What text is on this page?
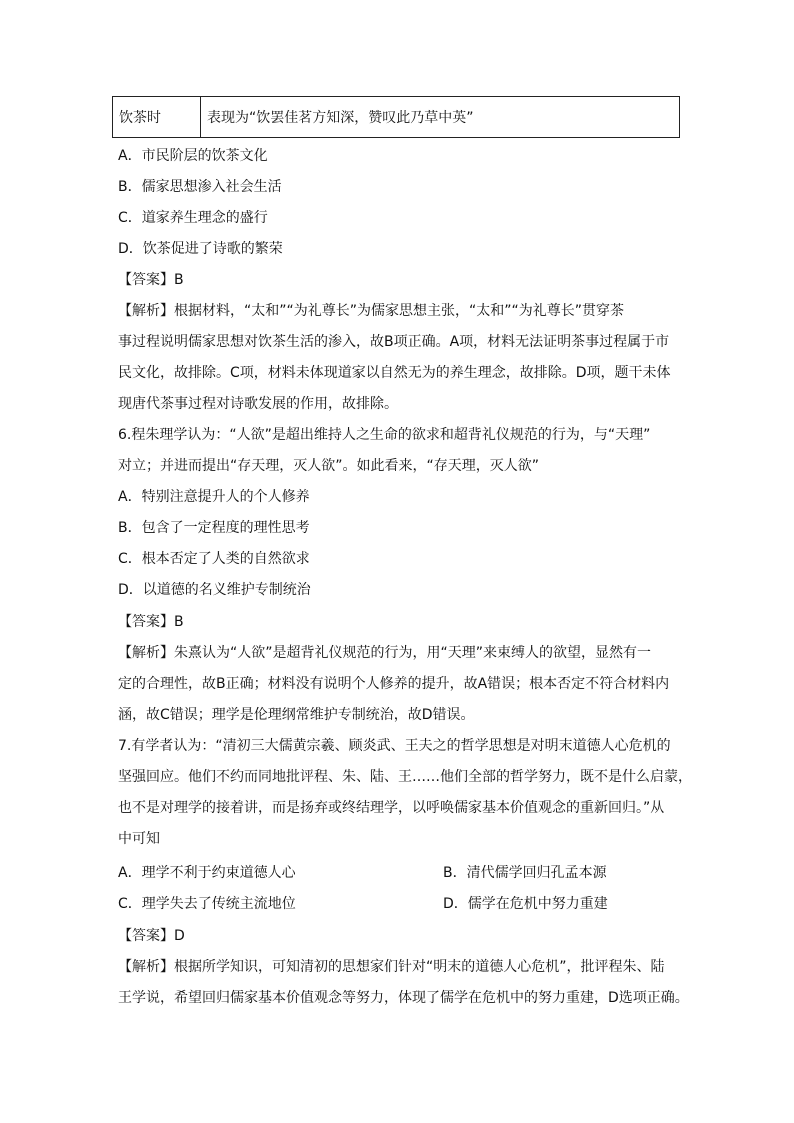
饮茶时	表现为“饮罢佳茗方知深，赞叹此乃草中英”
A．市民阶层的饮茶文化
B．儒家思想渗入社会生活
C．道家养生理念的盛行
D．饮茶促进了诗歌的繁荣
【答案】B
【解析】根据材料，“太和”“为礼尊长”为儒家思想主张，“太和”“为礼尊长”贯穿茶
事过程说明儒家思想对饮茶生活的渗入，故B项正确。A项，材料无法证明茶事过程属于市
民文化，故排除。C项，材料未体现道家以自然无为的养生理念，故排除。D项，题干未体
现唐代茶事过程对诗歌发展的作用，故排除。
6.程朱理学认为：“人欲”是超出维持人之生命的欲求和超背礼仪规范的行为，与“天理”
对立；并进而提出“存天理，灭人欲”。如此看来，“存天理，灭人欲”
A．特别注意提升人的个人修养
B．包含了一定程度的理性思考
C．根本否定了人类的自然欲求
D．以道德的名义维护专制统治
【答案】B
【解析】朱熹认为“人欲”是超背礼仪规范的行为，用“天理”来束缚人的欲望，显然有一
定的合理性，故B正确；材料没有说明个人修养的提升，故A错误；根本否定不符合材料内
涵，故C错误；理学是伦理纲常维护专制统治，故D错误。
7.有学者认为：“清初三大儒黄宗羲、顾炎武、王夫之的哲学思想是对明末道德人心危机的
坚强回应。他们不约而同地批评程、朱、陆、王……他们全部的哲学努力，既不是什么启蒙，
也不是对理学的接着讲，而是扬弃或终结理学，以呼唤儒家基本价值观念的重新回归。”从
中可知
A．理学不利于约束道德人心	B．清代儒学回归孔孟本源
C．理学失去了传统主流地位	D．儒学在危机中努力重建
【答案】D
【解析】根据所学知识，可知清初的思想家们针对“明末的道德人心危机”，批评程朱、陆
王学说，希望回归儒家基本价值观念等努力，体现了儒学在危机中的努力重建，D选项正确。
